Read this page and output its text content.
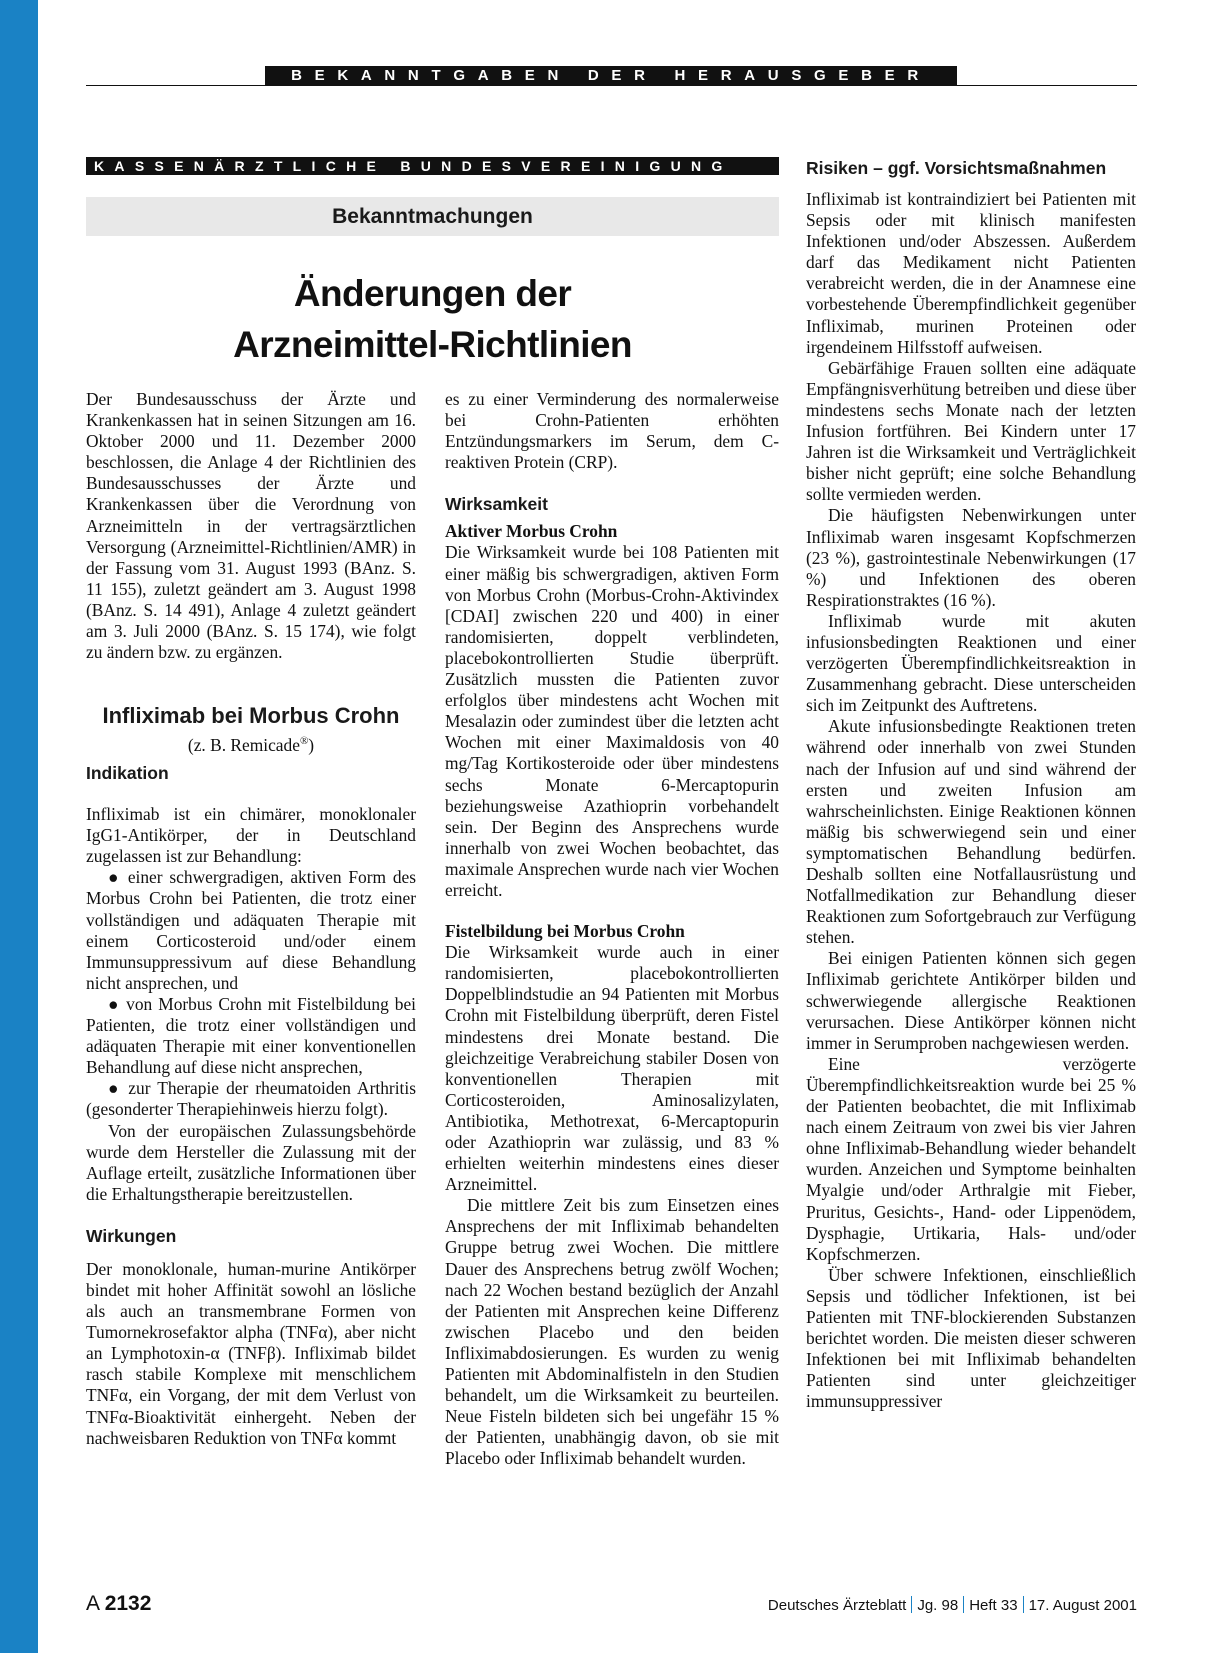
BEKANNTGABEN DER HERAUSGEBER
KASSENÄRZTLICHE BUNDESVEREINIGUNG
Bekanntmachungen
Änderungen der
Arzneimittel-Richtlinien

Der Bundesausschuss der Ärzte und Krankenkassen hat in seinen Sitzungen am 16. Oktober 2000 und 11. Dezember 2000 beschlossen, die Anlage 4 der Richtlinien des Bundesausschusses der Ärzte und Krankenkassen über die Verordnung von Arzneimitteln in der vertragsärztlichen Versorgung (Arzneimittel-Richtlinien/AMR) in der Fassung vom 31. August 1993 (BAnz. S. 11 155), zuletzt geändert am 3. August 1998 (BAnz. S. 14 491), Anlage 4 zuletzt geändert am 3. Juli 2000 (BAnz. S. 15 174), wie folgt zu ändern bzw. zu ergänzen.

Infliximab bei Morbus Crohn

(z. B. Remicade®)

Indikation

Infliximab ist ein chimärer, monoklonaler IgG1-Antikörper, der in Deutschland zugelassen ist zur Behandlung:

● einer schwergradigen, aktiven Form des Morbus Crohn bei Patienten, die trotz einer vollständigen und adäquaten Therapie mit einem Corticosteroid und/oder einem Immunsuppressivum auf diese Behandlung nicht ansprechen, und

● von Morbus Crohn mit Fistelbildung bei Patienten, die trotz einer vollständigen und adäquaten Therapie mit einer konventionellen Behandlung auf diese nicht ansprechen,

● zur Therapie der rheumatoiden Arthritis (gesonderter Therapiehinweis hierzu folgt).

Von der europäischen Zulassungsbehörde wurde dem Hersteller die Zulassung mit der Auflage erteilt, zusätzliche Informationen über die Erhaltungstherapie bereitzustellen.

Wirkungen

Der monoklonale, human-murine Antikörper bindet mit hoher Affinität sowohl an lösliche als auch an transmembrane Formen von Tumornekrosefaktor alpha (TNFα), aber nicht an Lymphotoxin-α (TNFβ). Infliximab bildet rasch stabile Komplexe mit menschlichem TNFα, ein Vorgang, der mit dem Verlust von TNFα-Bioaktivität einhergeht. Neben der nachweisbaren Reduktion von TNFα kommt

es zu einer Verminderung des normalerweise bei Crohn-Patienten erhöhten Entzündungsmarkers im Serum, dem C-reaktiven Protein (CRP).

Wirksamkeit

Aktiver Morbus Crohn

Die Wirksamkeit wurde bei 108 Patienten mit einer mäßig bis schwergradigen, aktiven Form von Morbus Crohn (Morbus-Crohn-Aktivindex [CDAI] zwischen 220 und 400) in einer randomisierten, doppelt verblindeten, placebokontrollierten Studie überprüft. Zusätzlich mussten die Patienten zuvor erfolglos über mindestens acht Wochen mit Mesalazin oder zumindest über die letzten acht Wochen mit einer Maximaldosis von 40 mg/Tag Kortikosteroide oder über mindestens sechs Monate 6-Mercaptopurin beziehungsweise Azathioprin vorbehandelt sein. Der Beginn des Ansprechens wurde innerhalb von zwei Wochen beobachtet, das maximale Ansprechen wurde nach vier Wochen erreicht.

Fistelbildung bei Morbus Crohn

Die Wirksamkeit wurde auch in einer randomisierten, placebokontrollierten Doppelblindstudie an 94 Patienten mit Morbus Crohn mit Fistelbildung überprüft, deren Fistel mindestens drei Monate bestand. Die gleichzeitige Verabreichung stabiler Dosen von konventionellen Therapien mit Corticosteroiden, Aminosalizylaten, Antibiotika, Methotrexat, 6-Mercaptopurin oder Azathioprin war zulässig, und 83 % erhielten weiterhin mindestens eines dieser Arzneimittel.

Die mittlere Zeit bis zum Einsetzen eines Ansprechens der mit Infliximab behandelten Gruppe betrug zwei Wochen. Die mittlere Dauer des Ansprechens betrug zwölf Wochen; nach 22 Wochen bestand bezüglich der Anzahl der Patienten mit Ansprechen keine Differenz zwischen Placebo und den beiden Infliximabdosierungen. Es wurden zu wenig Patienten mit Abdominalfisteln in den Studien behandelt, um die Wirksamkeit zu beurteilen. Neue Fisteln bildeten sich bei ungefähr 15 % der Patienten, unabhängig davon, ob sie mit Placebo oder Infliximab behandelt wurden.

Risiken – ggf. Vorsichtsmaßnahmen

Infliximab ist kontraindiziert bei Patienten mit Sepsis oder mit klinisch manifesten Infektionen und/oder Abszessen. Außerdem darf das Medikament nicht Patienten verabreicht werden, die in der Anamnese eine vorbestehende Überempfindlichkeit gegenüber Infliximab, murinen Proteinen oder irgendeinem Hilfsstoff aufweisen.

Gebärfähige Frauen sollten eine adäquate Empfängnisverhütung betreiben und diese über mindestens sechs Monate nach der letzten Infusion fortführen. Bei Kindern unter 17 Jahren ist die Wirksamkeit und Verträglichkeit bisher nicht geprüft; eine solche Behandlung sollte vermieden werden.

Die häufigsten Nebenwirkungen unter Infliximab waren insgesamt Kopfschmerzen (23 %), gastrointestinale Nebenwirkungen (17 %) und Infektionen des oberen Respirationstraktes (16 %).

Infliximab wurde mit akuten infusionsbedingten Reaktionen und einer verzögerten Überempfindlichkeitsreaktion in Zusammenhang gebracht. Diese unterscheiden sich im Zeitpunkt des Auftretens.

Akute infusionsbedingte Reaktionen treten während oder innerhalb von zwei Stunden nach der Infusion auf und sind während der ersten und zweiten Infusion am wahrscheinlichsten. Einige Reaktionen können mäßig bis schwerwiegend sein und einer symptomatischen Behandlung bedürfen. Deshalb sollten eine Notfallausrüstung und Notfallmedikation zur Behandlung dieser Reaktionen zum Sofortgebrauch zur Verfügung stehen.

Bei einigen Patienten können sich gegen Infliximab gerichtete Antikörper bilden und schwerwiegende allergische Reaktionen verursachen. Diese Antikörper können nicht immer in Serumproben nachgewiesen werden.

Eine verzögerte Überempfindlichkeitsreaktion wurde bei 25 % der Patienten beobachtet, die mit Infliximab nach einem Zeitraum von zwei bis vier Jahren ohne Infliximab-Behandlung wieder behandelt wurden. Anzeichen und Symptome beinhalten Myalgie und/oder Arthralgie mit Fieber, Pruritus, Gesichts-, Hand- oder Lippenödem, Dysphagie, Urtikaria, Hals- und/oder Kopfschmerzen.

Über schwere Infektionen, einschließlich Sepsis und tödlicher Infektionen, ist bei Patienten mit TNF-blockierenden Substanzen berichtet worden. Die meisten dieser schweren Infektionen bei mit Infliximab behandelten Patienten sind unter gleichzeitiger immunsuppressiver

A 2132	Deutsches Ärzteblatt Jg. 98 Heft 33 17. August 2001
